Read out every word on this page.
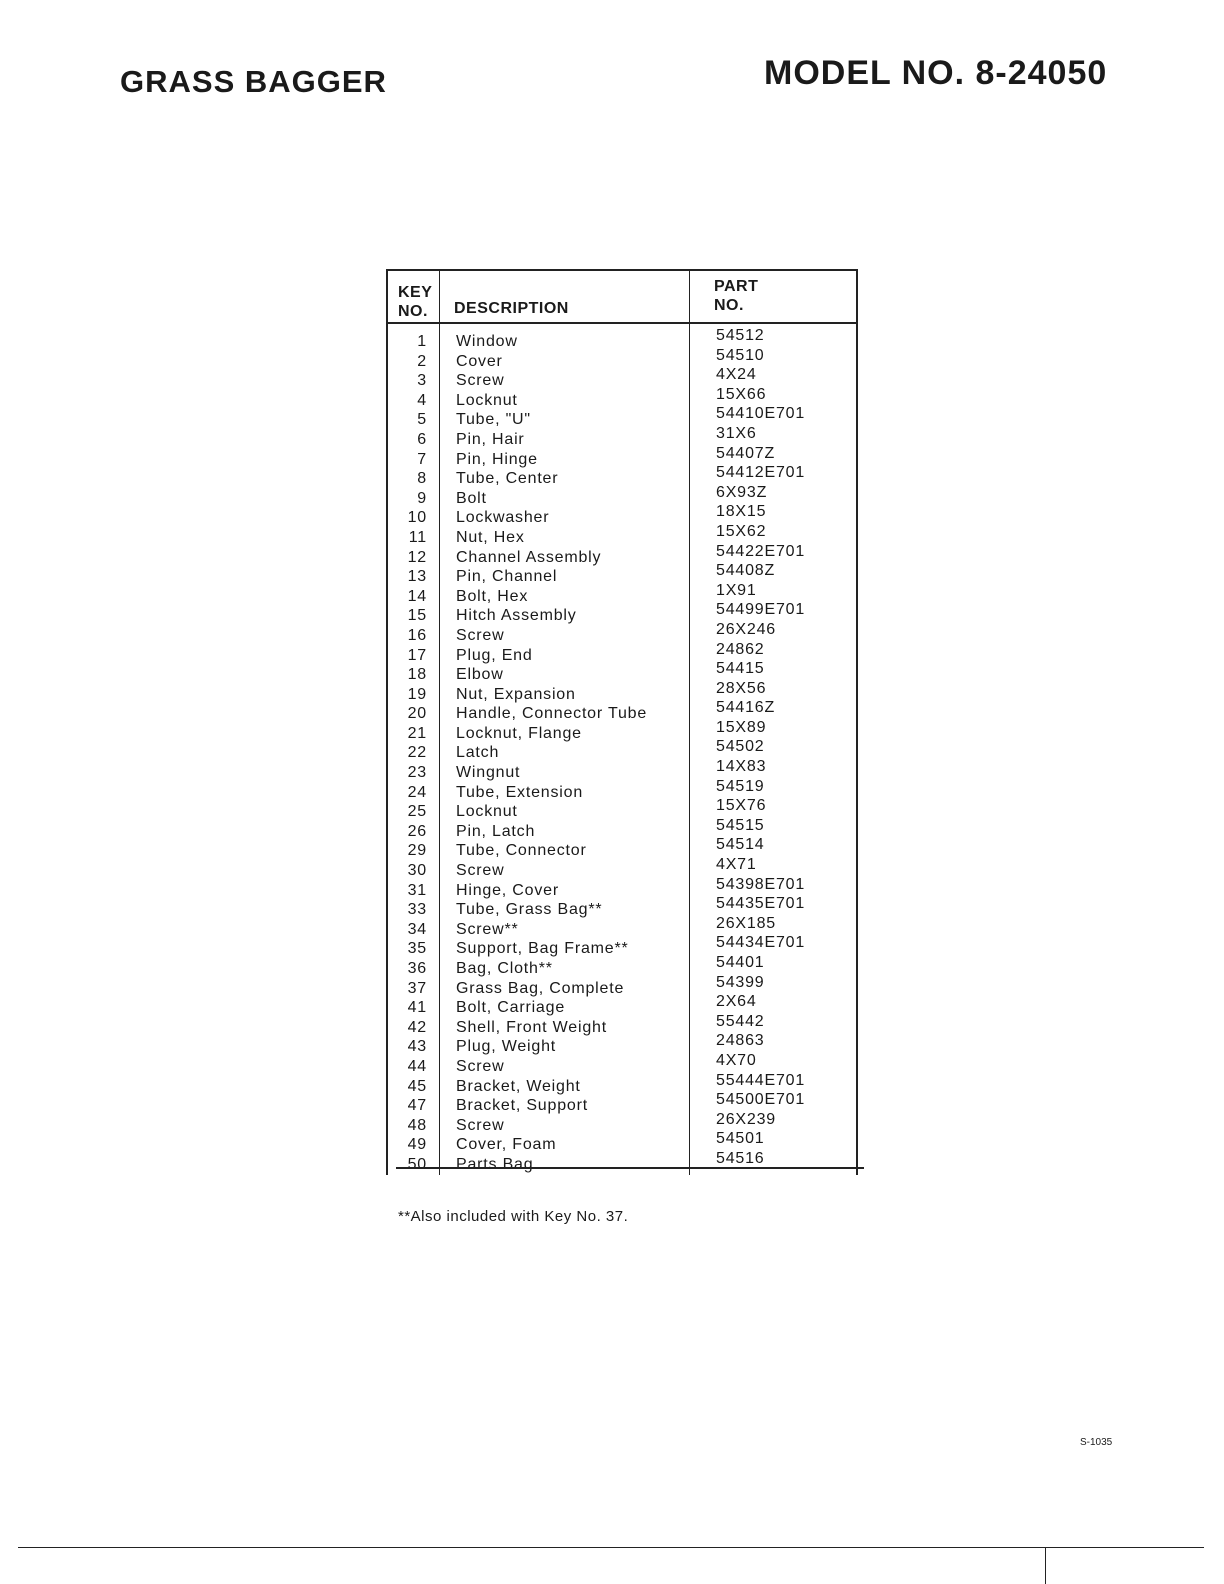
GRASS BAGGER	MODEL NO. 8-24050
KEY
NO.	DESCRIPTION
PART
NO.
1
2
3
4
5
6
7
8
9
10
11
12
13
14
15
16
17
18
19
20
21
22
23
24
25
26
29
30
31
33
34
35
36
37
41
42
43
44
45
47
48
49
50
Window
Cover
Screw
Locknut
Tube, "U"
Pin, Hair
Pin, Hinge
Tube, Center
Bolt
Lockwasher
Nut, Hex
Channel Assembly
Pin, Channel
Bolt, Hex
Hitch Assembly
Screw
Plug, End
Elbow
Nut, Expansion
Handle, Connector Tube
Locknut, Flange
Latch
Wingnut
Tube, Extension
Locknut
Pin, Latch
Tube, Connector
Screw
Hinge, Cover
Tube, Grass Bag**
Screw**
Support, Bag Frame**
Bag, Cloth**
Grass Bag, Complete
Bolt, Carriage
Shell, Front Weight
Plug, Weight
Screw
Bracket, Weight
Bracket, Support
Screw
Cover, Foam
Parts Bag
54512
54510
4X24
15X66
54410E701
31X6
54407Z
54412E701
6X93Z
18X15
15X62
54422E701
54408Z
1X91
54499E701
26X246
24862
54415
28X56
54416Z
15X89
54502
14X83
54519
15X76
54515
54514
4X71
54398E701
54435E701
26X185
54434E701
54401
54399
2X64
55442
24863
4X70
55444E701
54500E701
26X239
54501
54516
**Also included with Key No. 37.
S-1035
